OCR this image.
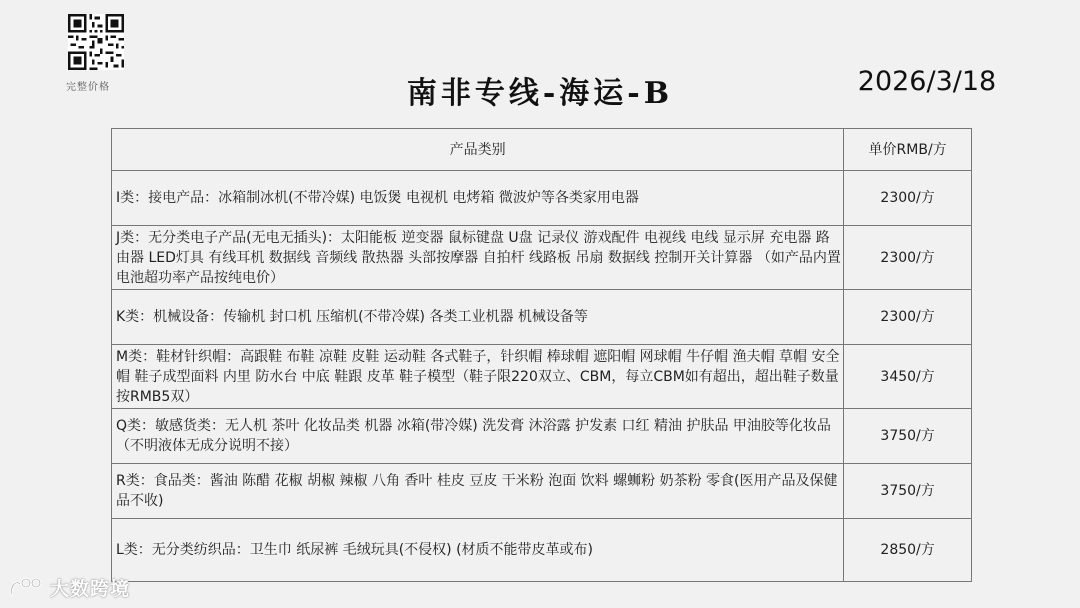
完整价格	南非专线-海运-B	2026/3/18
产品类别	单价RMB/方
I类：接电产品：冰箱制冰机(不带冷媒) 电饭煲 电视机 电烤箱 微波炉等各类家用电器	2300/方
J类：无分类电子产品(无电无插头)：太阳能板 逆变器 鼠标键盘 U盘 记录仪 游戏配件 电视线 电线 显示屏 充电器 路由器 LED灯具 有线耳机 数据线 音频线 散热器 头部按摩器 自拍杆 线路板 吊扇 数据线 控制开关计算器 （如产品内置电池超功率产品按纯电价）	2300/方
K类：机械设备：传输机 封口机 压缩机(不带冷媒) 各类工业机器 机械设备等	2300/方
M类：鞋材针织帽：高跟鞋 布鞋 凉鞋 皮鞋 运动鞋 各式鞋子，针织帽 棒球帽 遮阳帽 网球帽 牛仔帽 渔夫帽 草帽 安全帽 鞋子成型面料 内里 防水台 中底 鞋跟 皮革 鞋子模型（鞋子限220双立、CBM，每立CBM如有超出，超出鞋子数量按RMB5双）	3450/方
Q类：敏感货类：无人机 茶叶 化妆品类 机器 冰箱(带冷媒) 洗发膏 沐浴露 护发素 口红 精油 护肤品 甲油胶等化妆品 （不明液体无成分说明不接）	3750/方
R类：食品类：酱油 陈醋 花椒 胡椒 辣椒 八角 香叶 桂皮 豆皮 干米粉 泡面 饮料 螺蛳粉 奶茶粉 零食(医用产品及保健品不收)	3750/方
L类：无分类纺织品：卫生巾 纸尿裤 毛绒玩具(不侵权) (材质不能带皮革或布)	2850/方
大数跨境
